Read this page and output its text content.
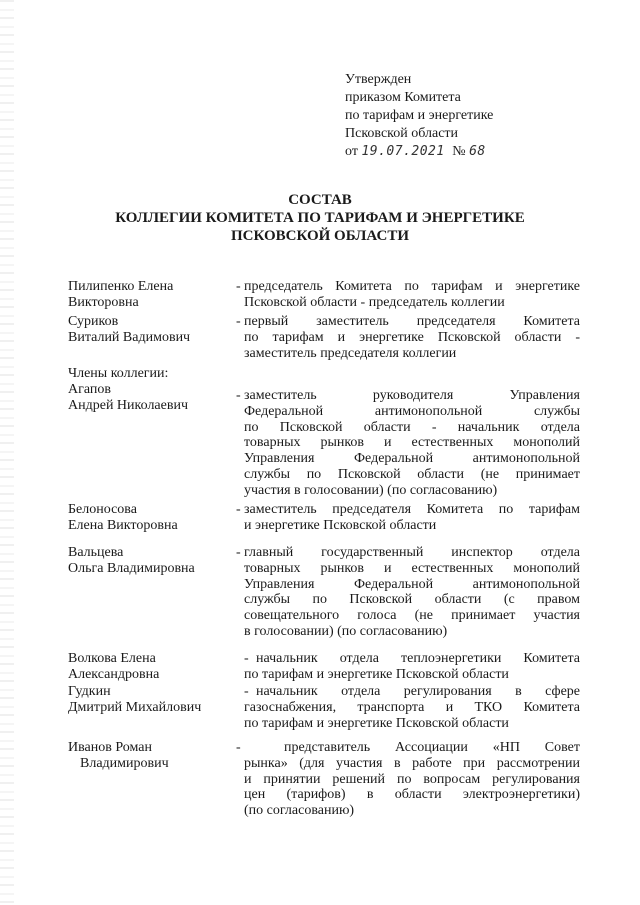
Утвержден
приказом Комитета
по тарифам и энергетике
Псковской области
от 19.07.2021 № 68
СОСТАВ
КОЛЛЕГИИ КОМИТЕТА ПО ТАРИФАМ И ЭНЕРГЕТИКЕ
ПСКОВСКОЙ ОБЛАСТИ
Пилипенко Елена
Викторовна
- председатель Комитета по тарифам и энергетике
Псковской области - председатель коллегии
Суриков
Виталий Вадимович
- первый заместитель председателя Комитета
по тарифам и энергетике Псковской области -
заместитель председателя коллегии
Члены коллегии:
Агапов
Андрей Николаевич
- заместитель руководителя Управления
Федеральной антимонопольной службы
по Псковской области - начальник отдела
товарных рынков и естественных монополий
Управления Федеральной антимонопольной
службы по Псковской области (не принимает
участия в голосовании) (по согласованию)
Белоносова
Елена Викторовна
- заместитель председателя Комитета по тарифам
и энергетике Псковской области
Вальцева
Ольга Владимировна
- главный государственный инспектор отдела
товарных рынков и естественных монополий
Управления Федеральной антимонопольной
службы по Псковской области (с правом
совещательного голоса (не принимает участия
в голосовании) (по согласованию)
Волкова Елена
Александровна
- начальник отдела теплоэнергетики Комитета
по тарифам и энергетике Псковской области
Гудкин
Дмитрий Михайлович
- начальник отдела регулирования в сфере
газоснабжения, транспорта и ТКО Комитета
по тарифам и энергетике Псковской области
Иванов Роман
Владимирович
-	представитель Ассоциации «НП Совет
рынка» (для участия в работе при рассмотрении
и принятии решений по вопросам регулирования
цен (тарифов) в области электроэнергетики)
(по согласованию)
